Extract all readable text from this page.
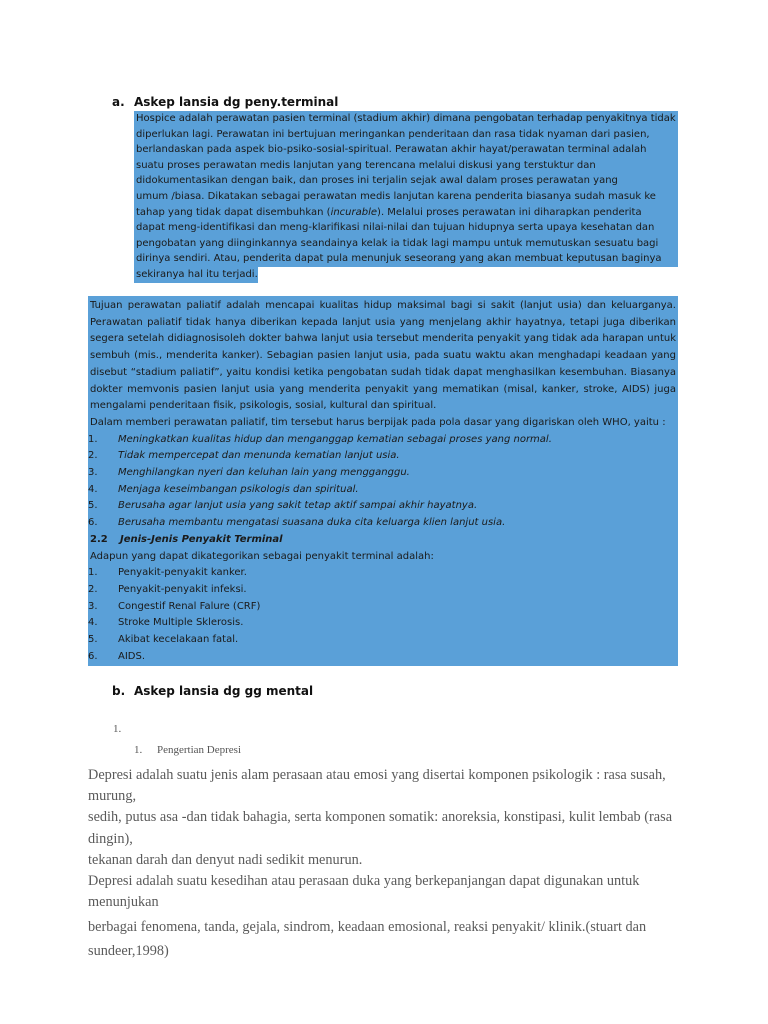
a. Askep lansia dg peny.terminal
Hospice adalah perawatan pasien terminal (stadium akhir) dimana pengobatan terhadap penyakitnya tidak
diperlukan lagi. Perawatan ini bertujuan meringankan penderitaan dan rasa tidak nyaman dari pasien,
berlandaskan pada aspek bio-psiko-sosial-spiritual. Perawatan akhir hayat/perawatan terminal adalah
suatu proses perawatan medis lanjutan yang terencana melalui diskusi yang terstuktur dan
didokumentasikan dengan baik, dan proses ini terjalin sejak awal dalam proses perawatan yang
umum /biasa. Dikatakan sebagai perawatan medis lanjutan karena penderita biasanya sudah masuk ke
tahap yang tidak dapat disembuhkan (incurable). Melalui proses perawatan ini diharapkan penderita
dapat meng-identifikasi dan meng-klarifikasi nilai-nilai dan tujuan hidupnya serta upaya kesehatan dan
pengobatan yang diinginkannya seandainya kelak ia tidak lagi mampu untuk memutuskan sesuatu bagi
dirinya sendiri. Atau, penderita dapat pula menunjuk seseorang yang akan membuat keputusan baginya
sekiranya hal itu terjadi.
Tujuan perawatan paliatif adalah mencapai kualitas hidup maksimal bagi si sakit (lanjut usia) dan keluarganya.
Perawatan paliatif tidak hanya diberikan kepada lanjut usia yang menjelang akhir hayatnya, tetapi juga diberikan
segera setelah didiagnosisoleh dokter bahwa lanjut usia tersebut menderita penyakit yang tidak ada harapan untuk
sembuh (mis., menderita kanker). Sebagian pasien lanjut usia, pada suatu waktu akan menghadapi keadaan yang
disebut “stadium paliatif”, yaitu kondisi ketika pengobatan sudah tidak dapat menghasilkan kesembuhan. Biasanya
dokter memvonis pasien lanjut usia yang menderita penyakit yang mematikan (misal, kanker, stroke, AIDS) juga
mengalami penderitaan fisik, psikologis, sosial, kultural dan spiritual.
Dalam memberi perawatan paliatif, tim tersebut harus berpijak pada pola dasar yang digariskan oleh WHO, yaitu :
1.	Meningkatkan kualitas hidup dan menganggap kematian sebagai proses yang normal.
2.	Tidak mempercepat dan menunda kematian lanjut usia.
3.	Menghilangkan nyeri dan keluhan lain yang mengganggu.
4.	Menjaga keseimbangan psikologis dan spiritual.
5.	Berusaha agar lanjut usia yang sakit tetap aktif sampai akhir hayatnya.
6.	Berusaha membantu mengatasi suasana duka cita keluarga klien lanjut usia.
2.2 Jenis-Jenis Penyakit Terminal
Adapun yang dapat dikategorikan sebagai penyakit terminal adalah:
1.	Penyakit-penyakit kanker.
2.	Penyakit-penyakit infeksi.
3.	Congestif Renal Falure (CRF)
4.	Stroke Multiple Sklerosis.
5.	Akibat kecelakaan fatal.
6.	AIDS.
b. Askep lansia dg gg mental
1.
1. Pengertian Depresi
Depresi adalah suatu jenis alam perasaan atau emosi yang disertai komponen psikologik : rasa susah, murung,
sedih, putus asa -dan tidak bahagia, serta komponen somatik: anoreksia, konstipasi, kulit lembab (rasa dingin),
tekanan darah dan denyut nadi sedikit menurun.
Depresi adalah suatu kesedihan atau perasaan duka yang berkepanjangan dapat digunakan untuk menunjukan
berbagai fenomena, tanda, gejala, sindrom, keadaan emosional, reaksi penyakit/ klinik.(stuart dan
sundeer,1998)
